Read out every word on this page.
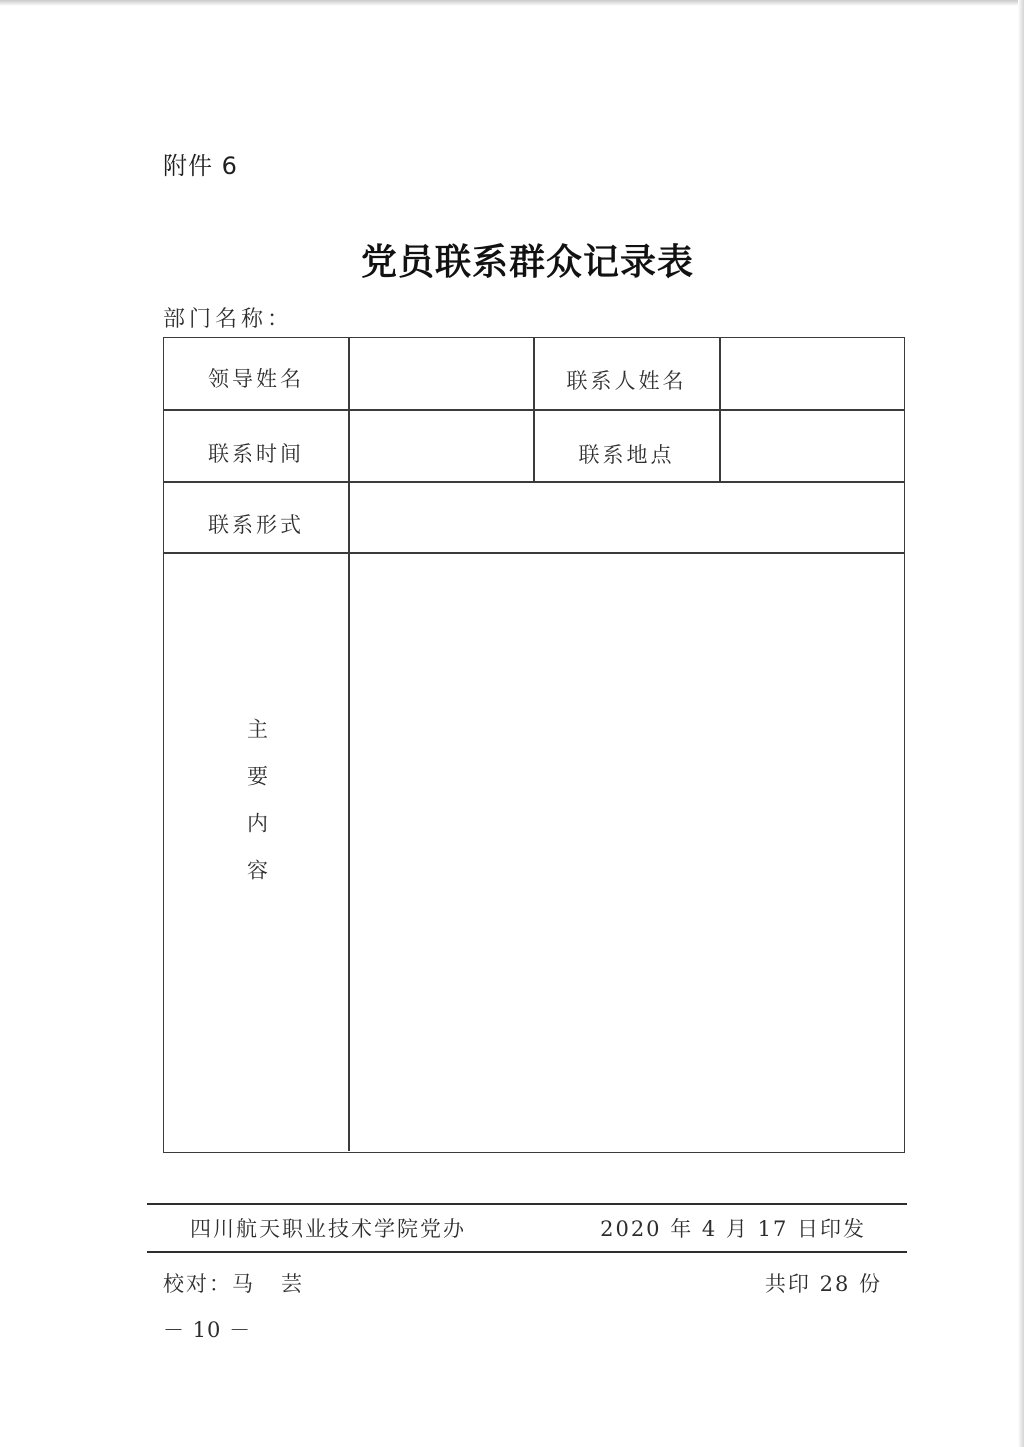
附件 6
党员联系群众记录表
部门名称：
领导姓名	联系人姓名
联系时间	联系地点
联系形式
主要内容
四川航天职业技术学院党办	2020 年 4 月 17 日印发
校对：马   芸	共印 28 份
－ 10 －
